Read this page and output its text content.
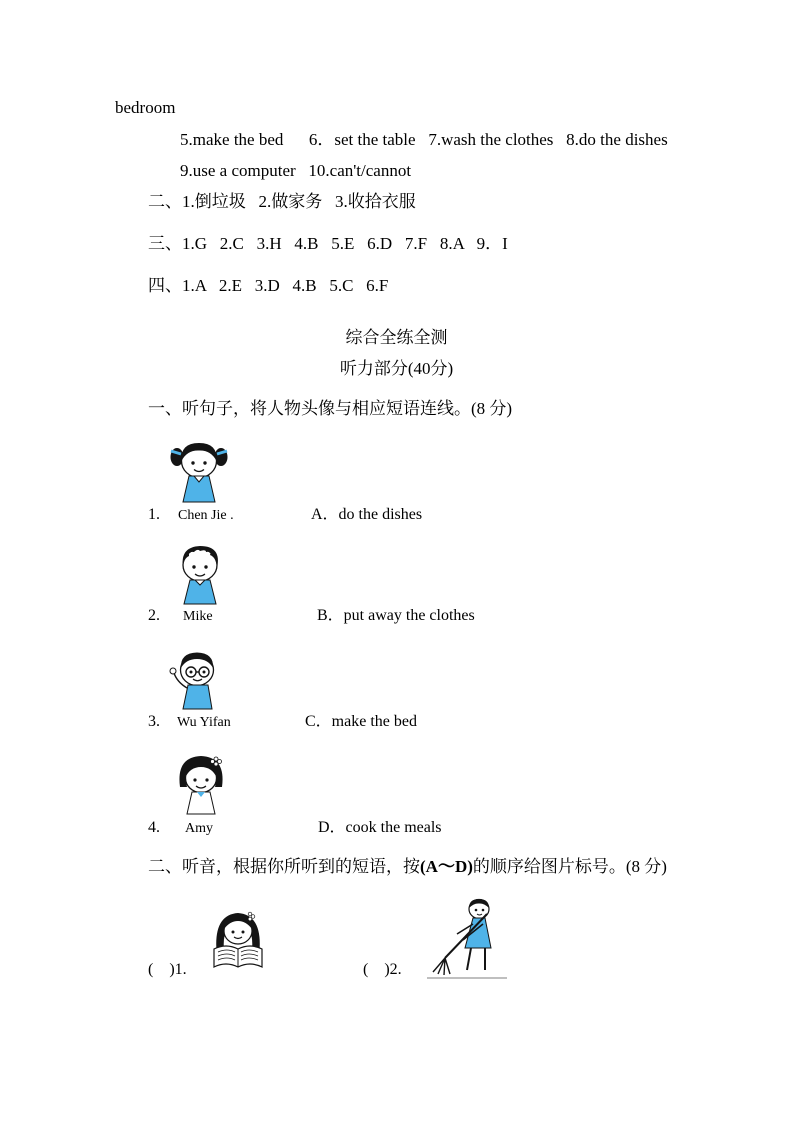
bedroom
5.make the bed      6．set the table   7.wash the clothes   8.do the dishes
9.use a computer   10.can't/cannot
二、1.倒垃圾   2.做家务   3.收拾衣服
三、1.G   2.C   3.H   4.B   5.E   6.D   7.F   8.A   9．I
四、1.A   2.E   3.D   4.B   5.C   6.F
综合全练全测
听力部分(40分)
一、听句子，将人物头像与相应短语连线。(8 分)
1. Chen Jie .	A．do the dishes
2. Mike	B．put away the clothes
3. Wu Yifan	C．make the bed
4. Amy	D．cook the meals
二、听音，根据你所听到的短语，按(A～D)的顺序给图片标号。(8 分)
(    )1.	(    )2.
